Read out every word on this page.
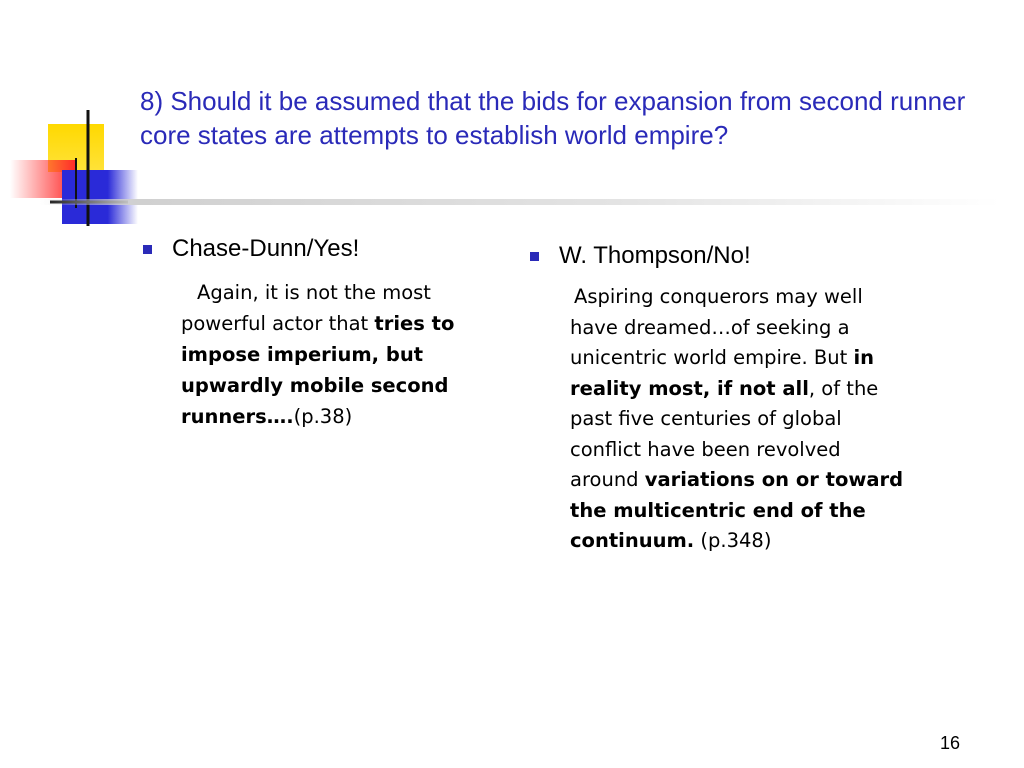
8) Should it be assumed that the bids for expansion from second runner core states are attempts to establish world empire?
Chase-Dunn/Yes!
Again, it is not the most powerful actor that tries to impose imperium, but upwardly mobile second runners….(p.38)
W. Thompson/No!
Aspiring conquerors may well have dreamed…of seeking a unicentric world empire. But in reality most, if not all, of the past five centuries of global conflict have been revolved around variations on or toward the multicentric end of the continuum. (p.348)
16
